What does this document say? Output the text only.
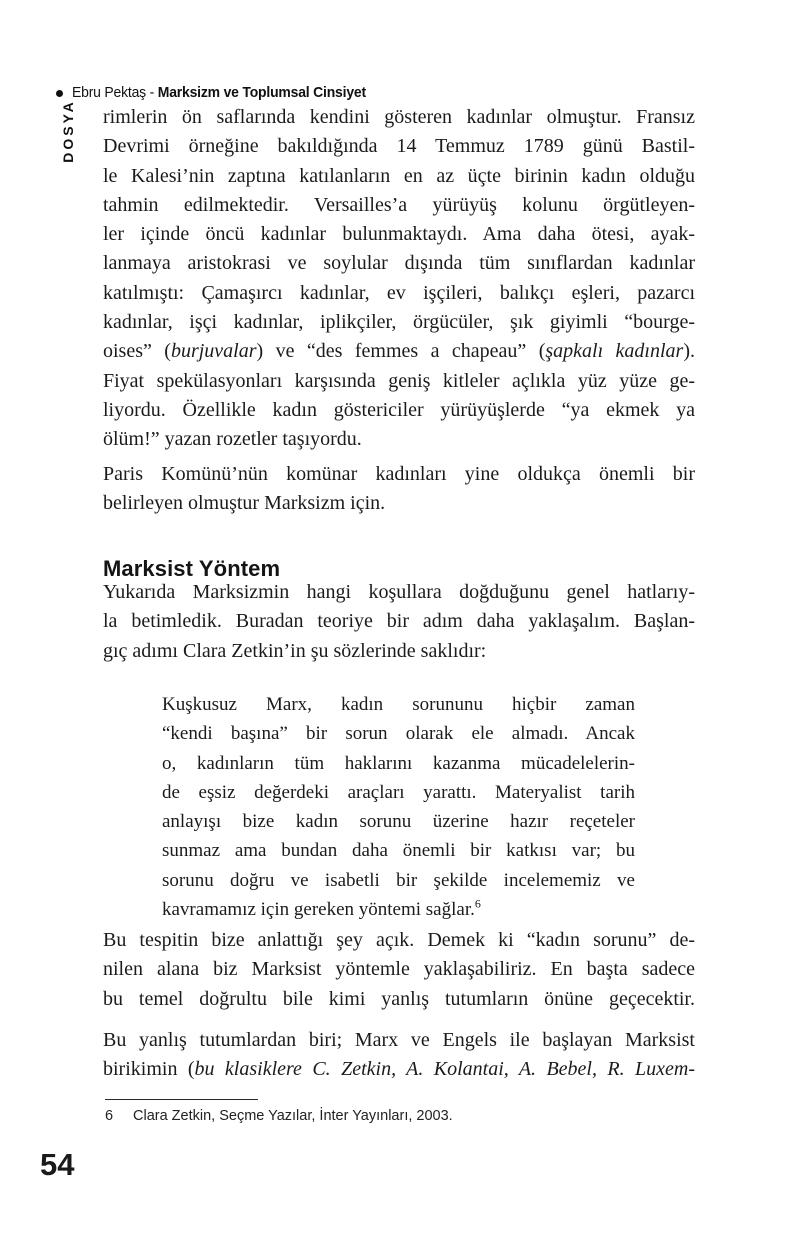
Ebru Pektaş - Marksizm ve Toplumsal Cinsiyet
DOSYA rimlerin ön saflarında kendini gösteren kadınlar olmuştur. Fransız
Devrimi örneğine bakıldığında 14 Temmuz 1789 günü Bastil-
le Kalesi’nin zaptına katılanların en az üçte birinin kadın olduğu
tahmin edilmektedir. Versailles’a yürüyüş kolunu örgütleyen-
ler içinde öncü kadınlar bulunmaktaydı. Ama daha ötesi, ayak-
lanmaya aristokrasi ve soylular dışında tüm sınıflardan kadınlar
katılmıştı: Çamaşırcı kadınlar, ev işçileri, balıkçı eşleri, pazarcı
kadınlar, işçi kadınlar, iplikçiler, örgücüler, şık giyimli “bourge-
oises” (burjuvalar) ve “des femmes a chapeau” (şapkalı kadınlar).
Fiyat spekülasyonları karşısında geniş kitleler açlıkla yüz yüze ge-
liyordu. Özellikle kadın göstericiler yürüyüşlerde “ya ekmek ya
ölüm!” yazan rozetler taşıyordu.
Paris Komünü’nün komünar kadınları yine oldukça önemli bir
belirleyen olmuştur Marksizm için.
Marksist Yöntem
Yukarıda Marksizmin hangi koşullara doğduğunu genel hatlarıy-
la betimledik. Buradan teoriye bir adım daha yaklaşalım. Başlan-
gıç adımı Clara Zetkin’in şu sözlerinde saklıdır:
Kuşkusuz Marx, kadın sorununu hiçbir zaman
“kendi başına” bir sorun olarak ele almadı. Ancak
o, kadınların tüm haklarını kazanma mücadelelerin-
de eşsiz değerdeki araçları yarattı. Materyalist tarih
anlayışı bize kadın sorunu üzerine hazır reçeteler
sunmaz ama bundan daha önemli bir katkısı var; bu
sorunu doğru ve isabetli bir şekilde incelememiz ve
kavramamız için gereken yöntemi sağlar.$^6$
Bu tespitin bize anlattığı şey açık. Demek ki “kadın sorunu” de-
nilen alana biz Marksist yöntemle yaklaşabiliriz. En başta sadece
bu temel doğrultu bile kimi yanlış tutumların önüne geçecektir.
Bu yanlış tutumlardan biri; Marx ve Engels ile başlayan Marksist
birikimin (bu klasiklere C. Zetkin, A. Kolantai, A. Bebel, R. Luxem-
6	Clara Zetkin, Seçme Yazılar, İnter Yayınları, 2003.
54
